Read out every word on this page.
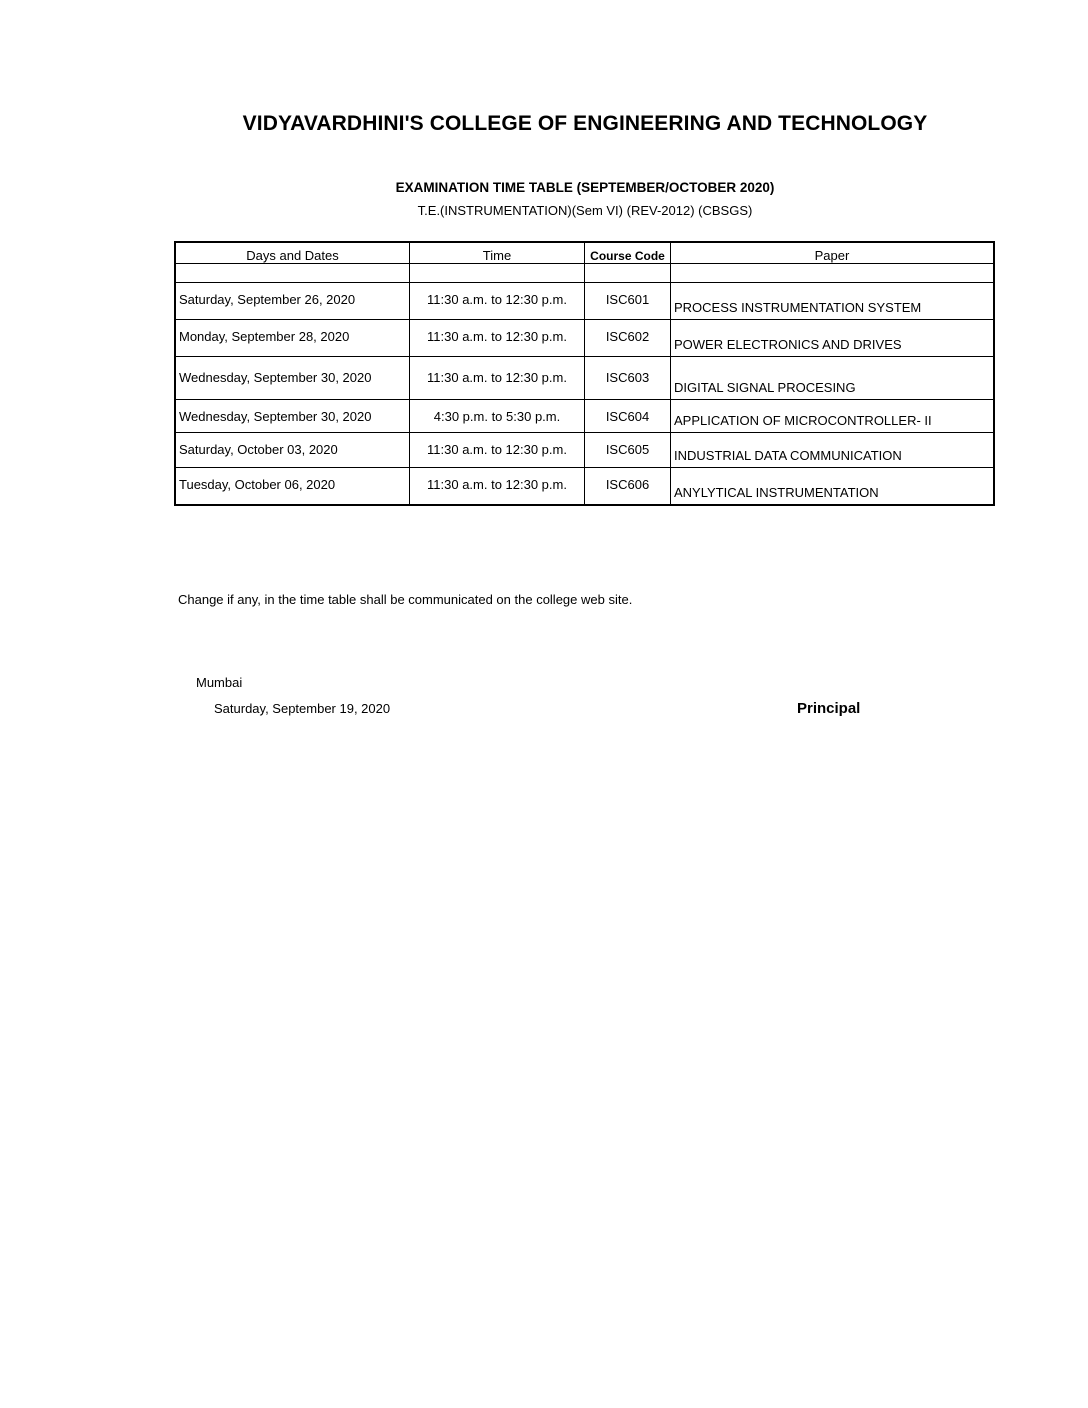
VIDYAVARDHINI'S COLLEGE OF ENGINEERING AND TECHNOLOGY
EXAMINATION TIME TABLE (SEPTEMBER/OCTOBER 2020)
T.E.(INSTRUMENTATION)(Sem VI) (REV-2012) (CBSGS)
Days and Dates	Time	Course Code	Paper

Saturday, September 26, 2020	11:30 a.m. to 12:30 p.m.	ISC601	PROCESS INSTRUMENTATION SYSTEM
Monday, September 28, 2020	11:30 a.m. to 12:30 p.m.	ISC602	POWER ELECTRONICS AND DRIVES
Wednesday, September 30, 2020	11:30 a.m. to 12:30 p.m.	ISC603	DIGITAL SIGNAL PROCESING
Wednesday, September 30, 2020	4:30 p.m. to 5:30 p.m.	ISC604	APPLICATION OF MICROCONTROLLER- II
Saturday, October 03, 2020	11:30 a.m. to 12:30 p.m.	ISC605	INDUSTRIAL DATA COMMUNICATION
Tuesday, October 06, 2020	11:30 a.m. to 12:30 p.m.	ISC606	ANYLYTICAL INSTRUMENTATION
Change if any, in the time table shall be communicated on the college web site.
Mumbai
Saturday, September 19, 2020	Principal
